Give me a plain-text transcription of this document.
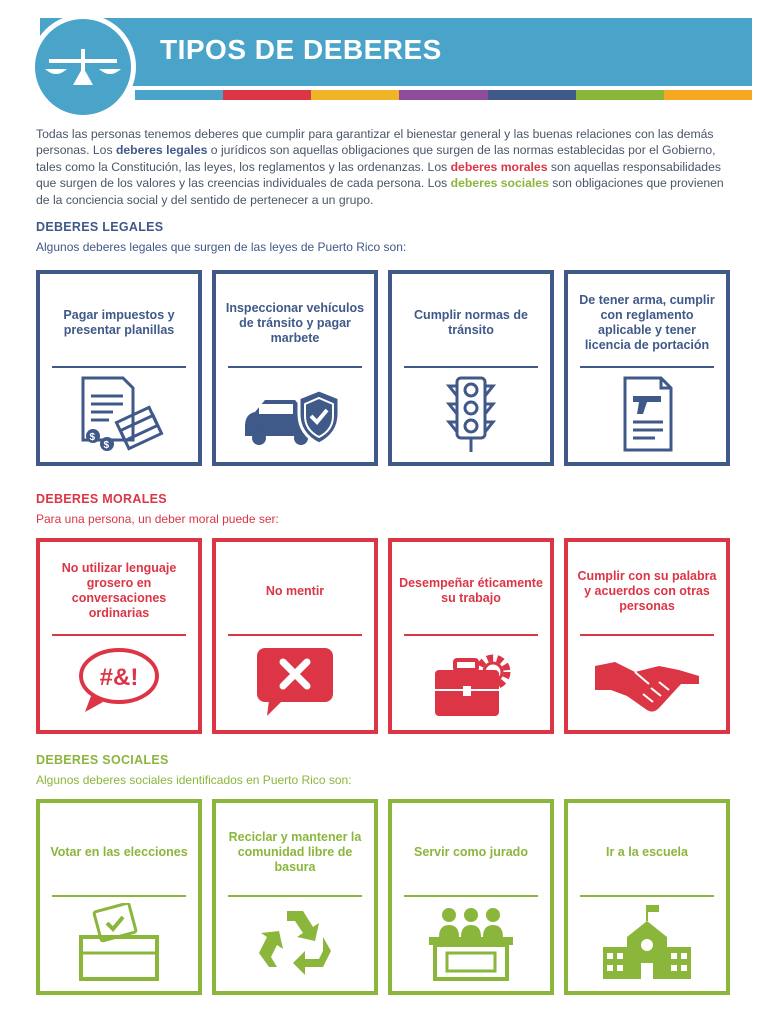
TIPOS DE DEBERES
Todas las personas tenemos deberes que cumplir para garantizar el bienestar general y las buenas relaciones con las demás personas. Los deberes legales o jurídicos son aquellas obligaciones que surgen de las normas establecidas por el Gobierno, tales como la Constitución, las leyes, los reglamentos y las ordenanzas. Los deberes morales son aquellas responsabilidades que surgen de los valores y las creencias individuales de cada persona. Los deberes sociales son obligaciones que provienen de la conciencia social y del sentido de pertenecer a un grupo.
DEBERES LEGALES
Algunos deberes legales que surgen de las leyes de Puerto Rico son:
Pagar impuestos y presentar planillas
$
$
Inspeccionar vehículos de tránsito y pagar marbete
Cumplir normas de tránsito
De tener arma, cumplir con reglamento aplicable y tener licencia de portación
DEBERES MORALES
Para una persona, un deber moral puede ser:
No utilizar lenguaje grosero en conversaciones ordinarias
#&!
No mentir
Desempeñar éticamente su trabajo
Cumplir con su palabra y acuerdos con otras personas
DEBERES SOCIALES
Algunos deberes sociales identificados en Puerto Rico son:
Votar en las elecciones
Reciclar y mantener la comunidad libre de basura
Servir como jurado	Ir a la escuela
